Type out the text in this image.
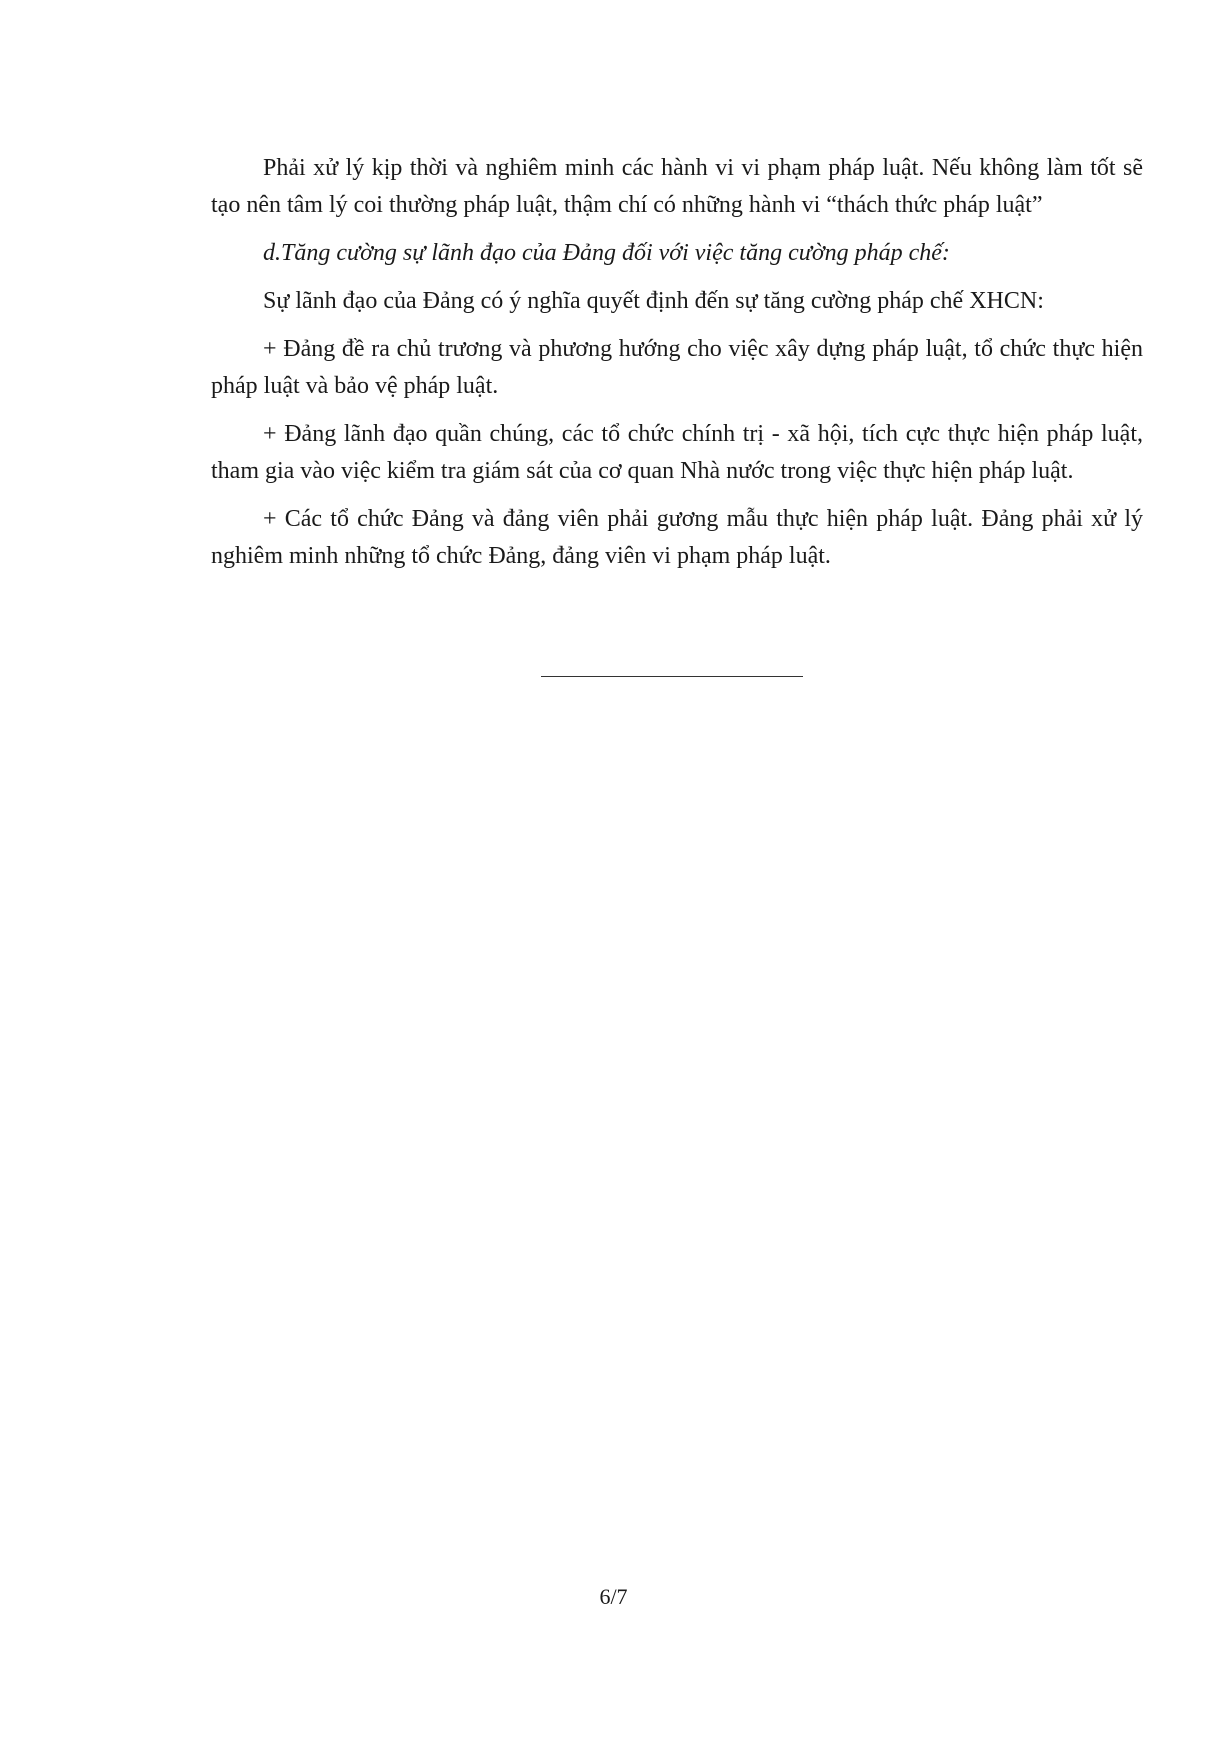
Phải xử lý kịp thời và nghiêm minh các hành vi vi phạm pháp luật. Nếu không làm tốt sẽ tạo nên tâm lý coi thường pháp luật, thậm chí có những hành vi “thách thức pháp luật”

d.Tăng cường sự lãnh đạo của Đảng đối với việc tăng cường pháp chế:

Sự lãnh đạo của Đảng có ý nghĩa quyết định đến sự tăng cường pháp chế XHCN:

+ Đảng đề ra chủ trương và phương hướng cho việc xây dựng pháp luật, tổ chức thực hiện pháp luật và bảo vệ pháp luật.

+ Đảng lãnh đạo quần chúng, các tổ chức chính trị - xã hội, tích cực thực hiện pháp luật, tham gia vào việc kiểm tra giám sát của cơ quan Nhà nước trong việc thực hiện pháp luật.

+ Các tổ chức Đảng và đảng viên phải gương mẫu thực hiện pháp luật. Đảng phải xử lý nghiêm minh những tổ chức Đảng, đảng viên vi phạm pháp luật.

6/7
